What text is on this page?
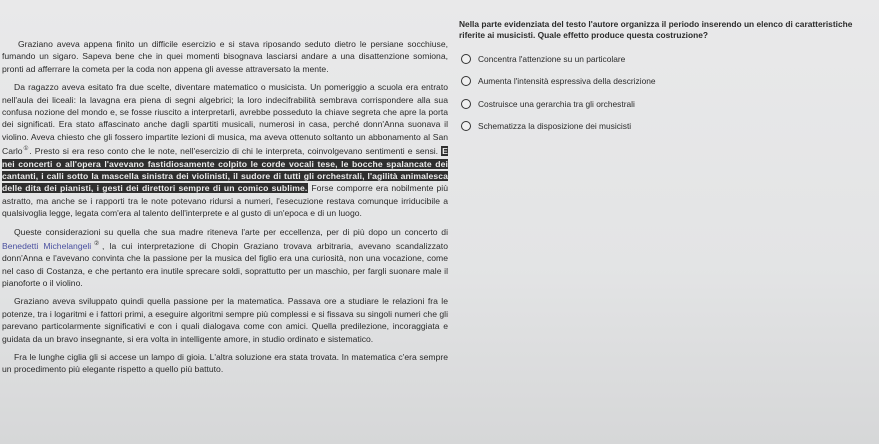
Graziano aveva appena finito un difficile esercizio e si stava riposando seduto dietro le persiane socchiuse, fumando un sigaro. Sapeva bene che in quei momenti bisognava lasciarsi andare a una disattenzione somiona, pronti ad afferrare la cometa per la coda non appena gli avesse attraversato la mente.

Da ragazzo aveva esitato fra due scelte, diventare matematico o musicista. Un pomeriggio a scuola era entrato nell'aula dei liceali: la lavagna era piena di segni algebrici; la loro indecifrabilità sembrava corrispondere alla sua confusa nozione del mondo e, se fosse riuscito a interpretarli, avrebbe posseduto la chiave segreta che apre la porta dei significati. Era stato affascinato anche dagli spartiti musicali, numerosi in casa, perché donn'Anna suonava il violino. Aveva chiesto che gli fossero impartite lezioni di musica, ma aveva ottenuto soltanto un abbonamento al San Carlo①. Presto si era reso conto che le note, nell'esercizio di chi le interpreta, coinvolgevano sentimenti e sensi. E nei concerti o all'opera l'avevano fastidiosamente colpito le corde vocali tese, le bocche spalancate dei cantanti, i calli sotto la mascella sinistra dei violinisti, il sudore di tutti gli orchestrali, l'agilità animalesca delle dita dei pianisti, i gesti dei direttori sempre di un comico sublime. Forse comporre era nobilmente più astratto, ma anche se i rapporti tra le note potevano ridursi a numeri, l'esecuzione restava comunque irriducibile a qualsivoglia legge, legata com'era al talento dell'interprete e al gusto di un'epoca e di un luogo.

Queste considerazioni su quella che sua madre riteneva l'arte per eccellenza, per di più dopo un concerto di Benedetti Michelangeli②, la cui interpretazione di Chopin Graziano trovava arbitraria, avevano scandalizzato donn'Anna e l'avevano convinta che la passione per la musica del figlio era una curiosità, non una vocazione, come nel caso di Costanza, e che pertanto era inutile sprecare soldi, soprattutto per un maschio, per fargli suonare male il pianoforte o il violino.

Graziano aveva sviluppato quindi quella passione per la matematica. Passava ore a studiare le relazioni fra le potenze, tra i logaritmi e i fattori primi, a eseguire algoritmi sempre più complessi e si fissava su singoli numeri che gli parevano particolarmente significativi e con i quali dialogava come con amici. Quella predilezione, incoraggiata e guidata da un bravo insegnante, si era volta in intelligente amore, in studio ordinato e sistematico.

Fra le lunghe ciglia gli si accese un lampo di gioia. L'altra soluzione era stata trovata. In matematica c'era sempre un procedimento più elegante rispetto a quello più battuto.

Nella parte evidenziata del testo l'autore organizza il periodo inserendo un elenco di caratteristiche riferite ai musicisti. Quale effetto produce questa costruzione?
Concentra l'attenzione su un particolare
Aumenta l'intensità espressiva della descrizione
Costruisce una gerarchia tra gli orchestrali
Schematizza la disposizione dei musicisti
